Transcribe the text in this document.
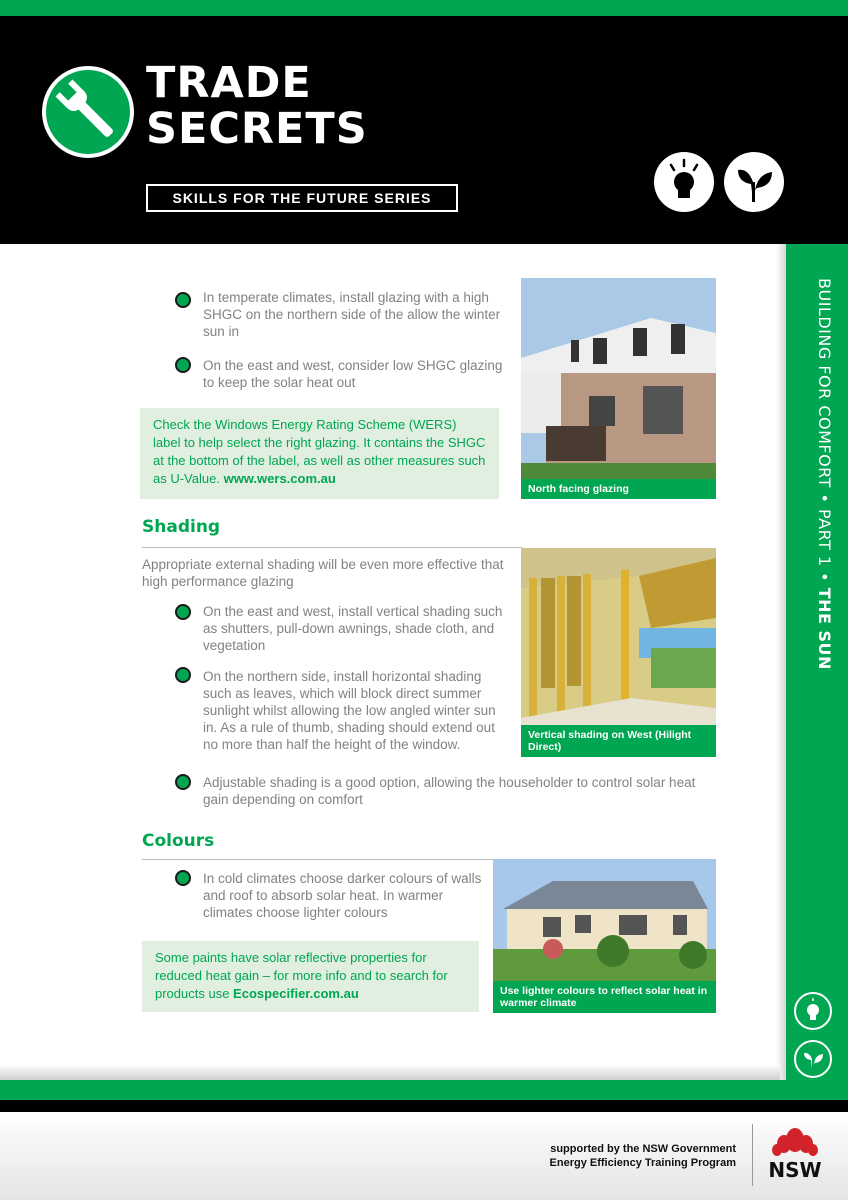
TRADE
SECRETS
SKILLS FOR THE FUTURE SERIES
BUILDING FOR COMFORT • PART 1 • THE SUN
In temperate climates, install glazing with a high SHGC on the northern side of the allow the winter sun in
On the east and west, consider low SHGC glazing to keep the solar heat out
Check the Windows Energy Rating Scheme (WERS) label to help select the right glazing. It contains the SHGC at the bottom of the label, as well as other measures such as U-Value. www.wers.com.au
North facing glazing
Shading
Appropriate external shading will be even more effective that high performance glazing
Vertical shading on West (Hilight Direct)
On the east and west, install vertical shading such as shutters, pull-down awnings, shade cloth, and vegetation
On the northern side, install horizontal shading such as leaves, which will block direct summer sunlight whilst allowing the low angled winter sun in. As a rule of thumb, shading should extend out no more than half the height of the window.
Adjustable shading is a good option, allowing the householder to control solar heat gain depending on comfort
Colours
In cold climates choose darker colours of walls and roof to absorb solar heat. In warmer climates choose lighter colours
Some paints have solar reflective properties for reduced heat gain – for more info and to search for products use Ecospecifier.com.au	Use lighter colours to reflect solar heat in warmer climate
supported by the NSW Government
Energy Efficiency Training Program NSW
